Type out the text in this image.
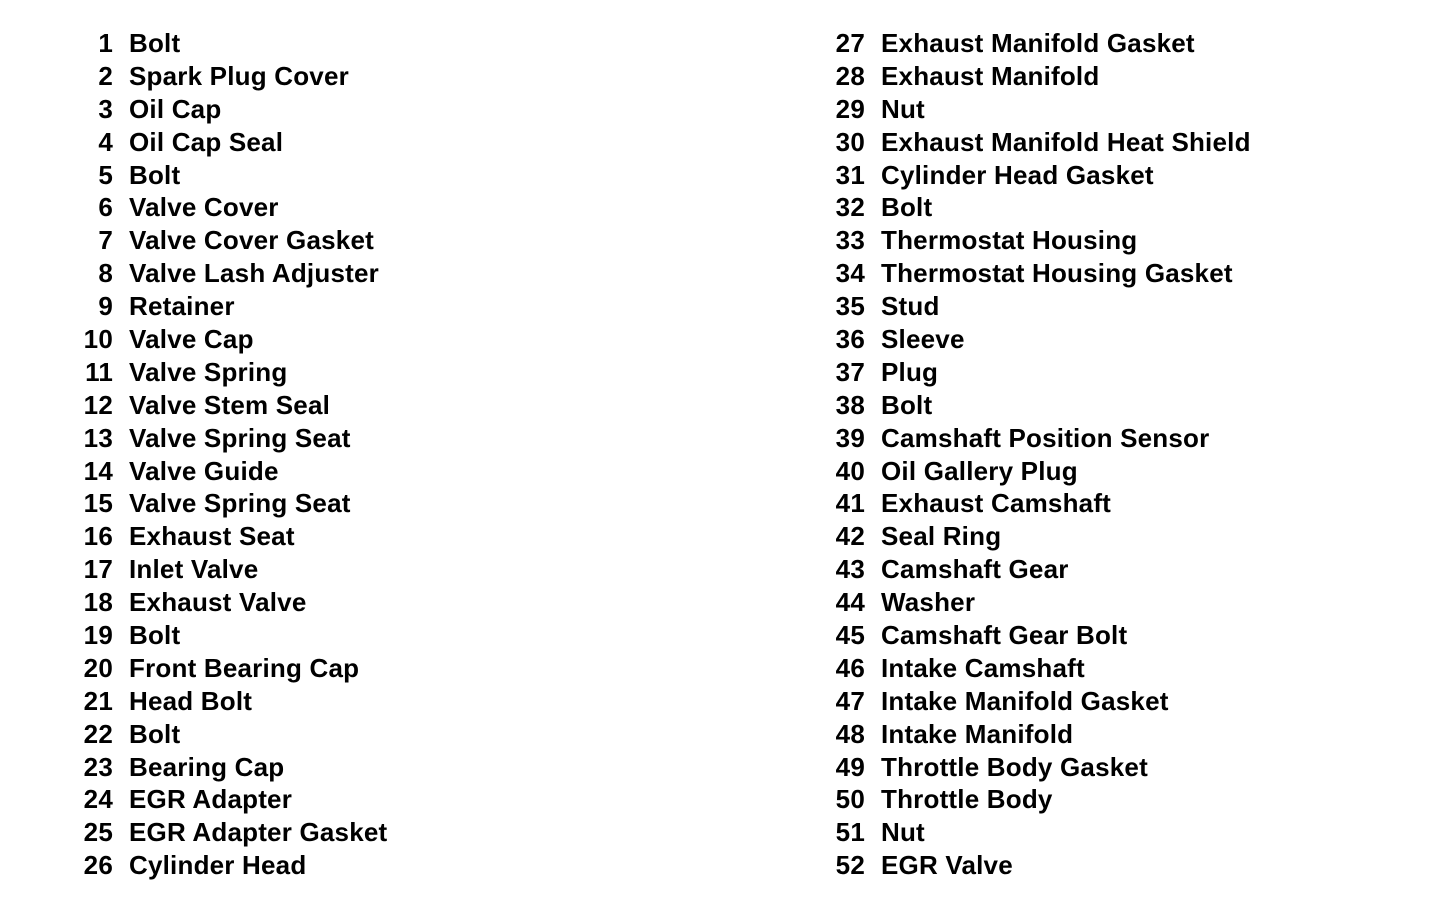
1 Bolt
2 Spark Plug Cover
3 Oil Cap
4 Oil Cap Seal
5 Bolt
6 Valve Cover
7 Valve Cover Gasket
8 Valve Lash Adjuster
9 Retainer
10 Valve Cap
11 Valve Spring
12 Valve Stem Seal
13 Valve Spring Seat
14 Valve Guide
15 Valve Spring Seat
16 Exhaust Seat
17 Inlet Valve
18 Exhaust Valve
19 Bolt
20 Front Bearing Cap
21 Head Bolt
22 Bolt
23 Bearing Cap
24 EGR Adapter
25 EGR Adapter Gasket
26 Cylinder Head
27 Exhaust Manifold Gasket
28 Exhaust Manifold
29 Nut
30 Exhaust Manifold Heat Shield
31 Cylinder Head Gasket
32 Bolt
33 Thermostat Housing
34 Thermostat Housing Gasket
35 Stud
36 Sleeve
37 Plug
38 Bolt
39 Camshaft Position Sensor
40 Oil Gallery Plug
41 Exhaust Camshaft
42 Seal Ring
43 Camshaft Gear
44 Washer
45 Camshaft Gear Bolt
46 Intake Camshaft
47 Intake Manifold Gasket
48 Intake Manifold
49 Throttle Body Gasket
50 Throttle Body
51 Nut
52 EGR Valve
